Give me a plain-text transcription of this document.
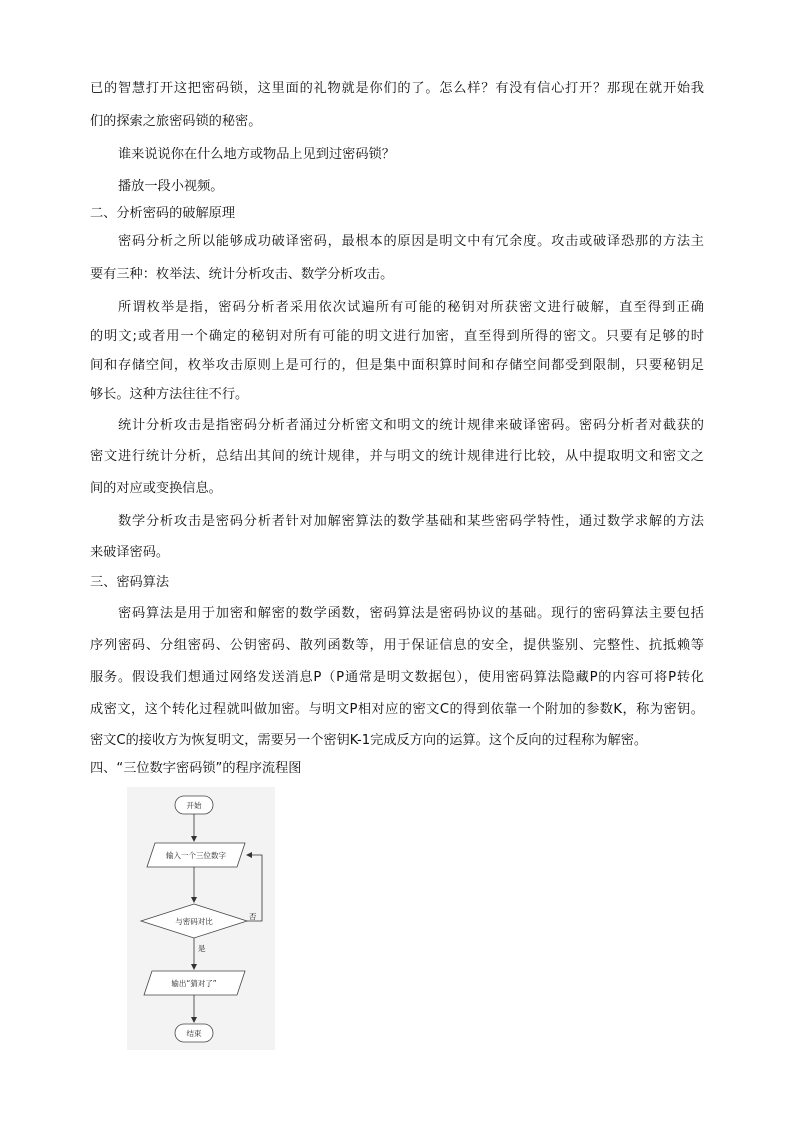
已的智慧打开这把密码锁，这里面的礼物就是你们的了。怎么样？有没有信心打开？那现在就开始我
们的探索之旅密码锁的秘密。
谁来说说你在什么地方或物品上见到过密码锁？
播放一段小视频。
二、分析密码的破解原理
密码分析之所以能够成功破译密码，最根本的原因是明文中有冗余度。攻击或破译恐那的方法主
要有三种：枚举法、统计分析攻击、数学分析攻击。
所谓枚举是指，密码分析者采用依次试遍所有可能的秘钥对所获密文进行破解，直至得到正确
的明文;或者用一个确定的秘钥对所有可能的明文进行加密，直至得到所得的密文。只要有足够的时
间和存储空间，枚举攻击原则上是可行的，但是集中面积算时间和存储空间都受到限制，只要秘钥足
够长。这种方法往往不行。
统计分析攻击是指密码分析者涌过分析密文和明文的统计规律来破译密码。密码分析者对截获的
密文进行统计分析，总结出其间的统计规律，并与明文的统计规律进行比较，从中提取明文和密文之
间的对应或变换信息。
数学分析攻击是密码分析者针对加解密算法的数学基础和某些密码学特性，通过数学求解的方法
来破译密码。
三、密码算法
密码算法是用于加密和解密的数学函数，密码算法是密码协议的基础。现行的密码算法主要包括
序列密码、分组密码、公钥密码、散列函数等，用于保证信息的安全，提供鉴别、完整性、抗抵赖等
服务。假设我们想通过网络发送消息P（P通常是明文数据包），使用密码算法隐藏P的内容可将P转化
成密文，这个转化过程就叫做加密。与明文P相对应的密文C的得到依靠一个附加的参数K，称为密钥。
密文C的接收方为恢复明文，需要另一个密钥K-1完成反方向的运算。这个反向的过程称为解密。
四、“三位数字密码锁”的程序流程图
开始
输入一个三位数字
与密码对比
否
是
输出“猜对了”
结束
